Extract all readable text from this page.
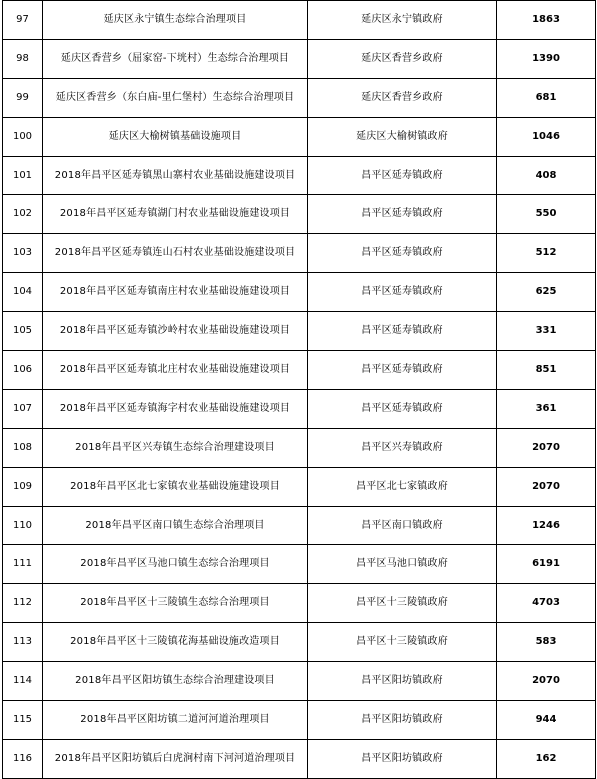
97	延庆区永宁镇生态综合治理项目	延庆区永宁镇政府	1863
98	延庆区香营乡（屈家窑-下垙村）生态综合治理项目	延庆区香营乡政府	1390
99	延庆区香营乡（东白庙-里仁堡村）生态综合治理项目	延庆区香营乡政府	681
100	延庆区大榆树镇基础设施项目	延庆区大榆树镇政府	1046
101	2018年昌平区延寿镇黑山寨村农业基础设施建设项目	昌平区延寿镇政府	408
102	2018年昌平区延寿镇湖门村农业基础设施建设项目	昌平区延寿镇政府	550
103	2018年昌平区延寿镇连山石村农业基础设施建设项目	昌平区延寿镇政府	512
104	2018年昌平区延寿镇南庄村农业基础设施建设项目	昌平区延寿镇政府	625
105	2018年昌平区延寿镇沙岭村农业基础设施建设项目	昌平区延寿镇政府	331
106	2018年昌平区延寿镇北庄村农业基础设施建设项目	昌平区延寿镇政府	851
107	2018年昌平区延寿镇海字村农业基础设施建设项目	昌平区延寿镇政府	361
108	2018年昌平区兴寿镇生态综合治理建设项目	昌平区兴寿镇政府	2070
109	2018年昌平区北七家镇农业基础设施建设项目	昌平区北七家镇政府	2070
110	2018年昌平区南口镇生态综合治理项目	昌平区南口镇政府	1246
111	2018年昌平区马池口镇生态综合治理项目	昌平区马池口镇政府	6191
112	2018年昌平区十三陵镇生态综合治理项目	昌平区十三陵镇政府	4703
113	2018年昌平区十三陵镇花海基础设施改造项目	昌平区十三陵镇政府	583
114	2018年昌平区阳坊镇生态综合治理建设项目	昌平区阳坊镇政府	2070
115	2018年昌平区阳坊镇二道河河道治理项目	昌平区阳坊镇政府	944
116	2018年昌平区阳坊镇后白虎涧村南下河河道治理项目	昌平区阳坊镇政府	162
